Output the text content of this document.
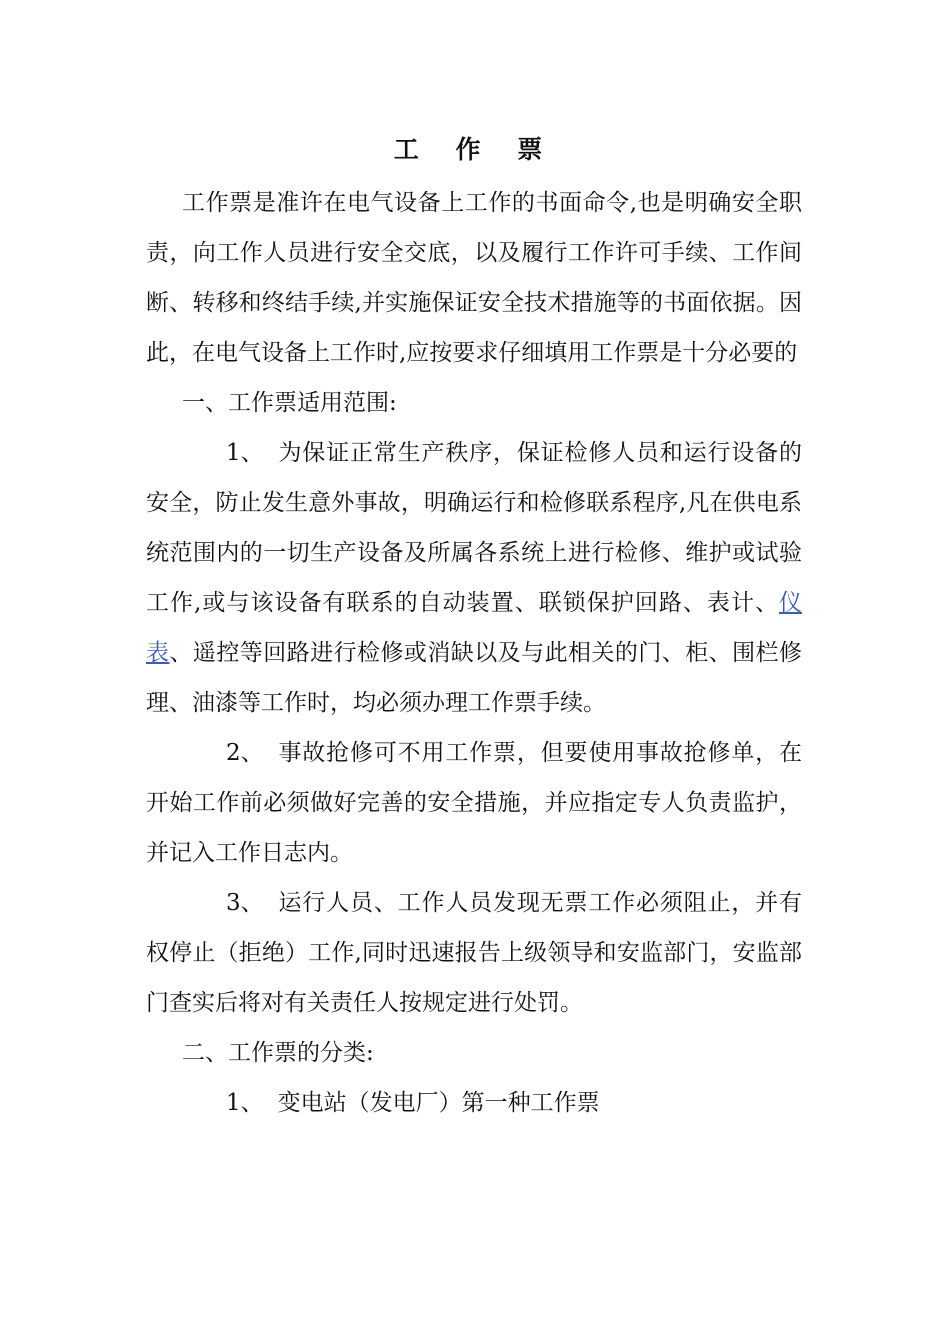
工 作 票

工作票是准许在电气设备上工作的书面命令,也是明确安全职责，向工作人员进行安全交底，以及履行工作许可手续、工作间断、转移和终结手续,并实施保证安全技术措施等的书面依据。因此，在电气设备上工作时,应按要求仔细填用工作票是十分必要的

一、工作票适用范围:

1、 为保证正常生产秩序，保证检修人员和运行设备的安全，防止发生意外事故，明确运行和检修联系程序,凡在供电系统范围内的一切生产设备及所属各系统上进行检修、维护或试验工作,或与该设备有联系的自动装置、联锁保护回路、表计、仪表、遥控等回路进行检修或消缺以及与此相关的门、柜、围栏修理、油漆等工作时，均必须办理工作票手续。

2、 事故抢修可不用工作票，但要使用事故抢修单，在开始工作前必须做好完善的安全措施，并应指定专人负责监护，并记入工作日志内。

3、 运行人员、工作人员发现无票工作必须阻止，并有权停止（拒绝）工作,同时迅速报告上级领导和安监部门，安监部门查实后将对有关责任人按规定进行处罚。

二、工作票的分类:

1、 变电站（发电厂）第一种工作票
